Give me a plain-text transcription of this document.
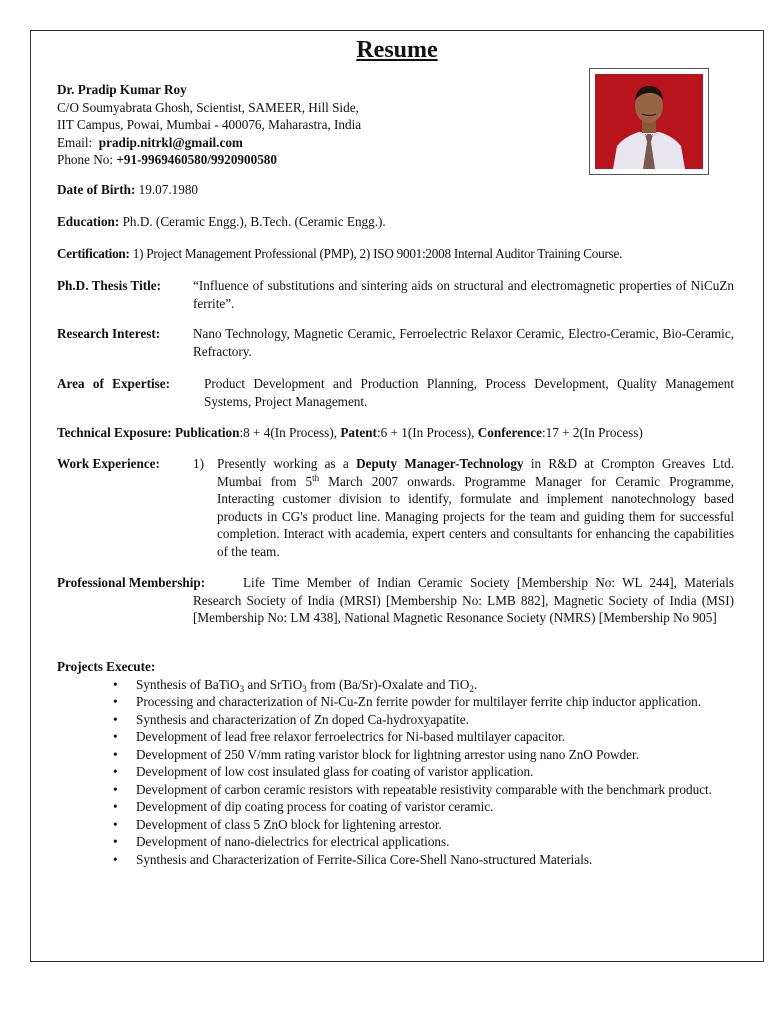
Resume
Dr. Pradip Kumar Roy
C/O Soumyabrata Ghosh, Scientist, SAMEER, Hill Side,
IIT Campus, Powai, Mumbai - 400076, Maharastra, India
Email: pradip.nitrkl@gmail.com
Phone No: +91-9969460580/9920900580
Date of Birth: 19.07.1980
Education: Ph.D. (Ceramic Engg.), B.Tech. (Ceramic Engg.).
Certification: 1) Project Management Professional (PMP), 2) ISO 9001:2008 Internal Auditor Training Course.
Ph.D. Thesis Title:	“Influence of substitutions and sintering aids on structural and electromagnetic properties of NiCuZn ferrite”.
Research Interest:	Nano Technology, Magnetic Ceramic, Ferroelectric Relaxor Ceramic, Electro-Ceramic, Bio-Ceramic, Refractory.
Area of Expertise:	Product Development and Production Planning, Process Development, Quality Management Systems, Project Management.
Technical Exposure: Publication:8 + 4(In Process), Patent:6 + 1(In Process), Conference:17 + 2(In Process)
Work Experience:	1) Presently working as a Deputy Manager-Technology in R&D at Crompton Greaves Ltd. Mumbai from 5th March 2007 onwards. Programme Manager for Ceramic Programme, Interacting customer division to identify, formulate and implement nanotechnology based products in CG's product line. Managing projects for the team and guiding them for successful completion. Interact with academia, expert centers and consultants for enhancing the capabilities of the team.
Professional Membership:	Life Time Member of Indian Ceramic Society [Membership No: WL 244], Materials Research Society of India (MRSI) [Membership No: LMB 882], Magnetic Society of India (MSI) [Membership No: LM 438], National Magnetic Resonance Society (NMRS) [Membership No 905]
Projects Execute:
• Synthesis of BaTiO$_3$ and SrTiO$_3$ from (Ba/Sr)-Oxalate and TiO$_2$.
• Processing and characterization of Ni-Cu-Zn ferrite powder for multilayer ferrite chip inductor application.
• Synthesis and characterization of Zn doped Ca-hydroxyapatite.
• Development of lead free relaxor ferroelectrics for Ni-based multilayer capacitor.
• Development of 250 V/mm rating varistor block for lightning arrestor using nano ZnO Powder.
• Development of low cost insulated glass for coating of varistor application.
• Development of carbon ceramic resistors with repeatable resistivity comparable with the benchmark product.
• Development of dip coating process for coating of varistor ceramic.
• Development of class 5 ZnO block for lightening arrestor.
• Development of nano-dielectrics for electrical applications.
• Synthesis and Characterization of Ferrite-Silica Core-Shell Nano-structured Materials.
